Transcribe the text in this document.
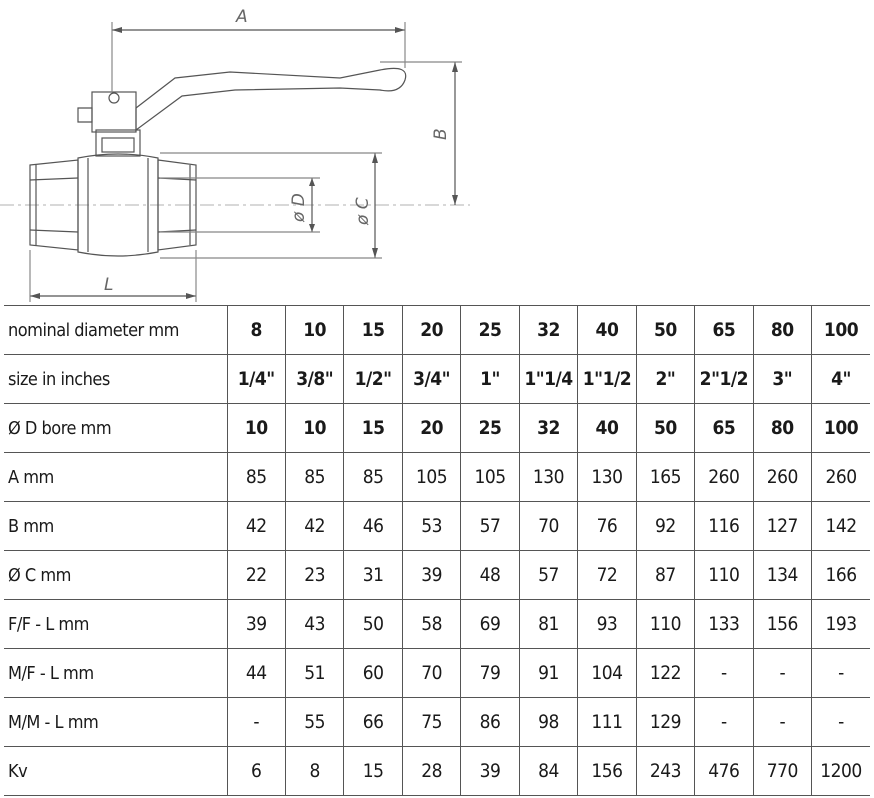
A
B
ø C
ø D
L
nominal diameter mm	8	10	15	20	25	32	40	50	65	80	100
size in inches	1/4"	3/8"	1/2"	3/4"	1"	1"1/4	1"1/2	2"	2"1/2	3"	4"
Ø D bore mm	10	10	15	20	25	32	40	50	65	80	100
A mm	85	85	85	105	105	130	130	165	260	260	260
B mm	42	42	46	53	57	70	76	92	116	127	142
Ø C mm	22	23	31	39	48	57	72	87	110	134	166
F/F - L mm	39	43	50	58	69	81	93	110	133	156	193
M/F - L mm	44	51	60	70	79	91	104	122	-	-	-
M/M - L mm	-	55	66	75	86	98	111	129	-	-	-
Kv	6	8	15	28	39	84	156	243	476	770	1200
